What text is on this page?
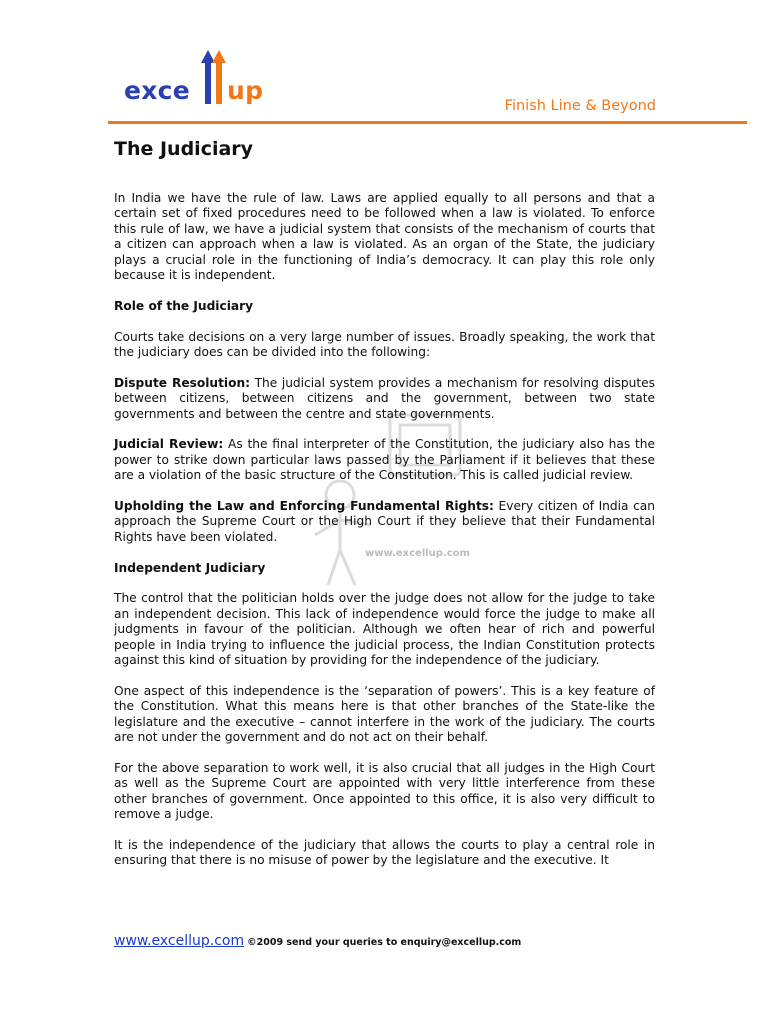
exce up
Finish Line & Beyond
www.excellup.com
The Judiciary

In India we have the rule of law. Laws are applied equally to all persons and that a certain set of fixed procedures need to be followed when a law is violated. To enforce this rule of law, we have a judicial system that consists of the mechanism of courts that a citizen can approach when a law is violated. As an organ of the State, the judiciary plays a crucial role in the functioning of India’s democracy. It can play this role only because it is independent.

Role of the Judiciary

Courts take decisions on a very large number of issues. Broadly speaking, the work that the judiciary does can be divided into the following:

Dispute Resolution: The judicial system provides a mechanism for resolving disputes between citizens, between citizens and the government, between two state governments and between the centre and state governments.

Judicial Review: As the final interpreter of the Constitution, the judiciary also has the power to strike down particular laws passed by the Parliament if it believes that these are a violation of the basic structure of the Constitution. This is called judicial review.

Upholding the Law and Enforcing Fundamental Rights: Every citizen of India can approach the Supreme Court or the High Court if they believe that their Fundamental Rights have been violated.

Independent Judiciary

The control that the politician holds over the judge does not allow for the judge to take an independent decision. This lack of independence would force the judge to make all judgments in favour of the politician. Although we often hear of rich and powerful people in India trying to influence the judicial process, the Indian Constitution protects against this kind of situation by providing for the independence of the judiciary.

One aspect of this independence is the ‘separation of powers’. This is a key feature of the Constitution. What this means here is that other branches of the State-like the legislature and the executive – cannot interfere in the work of the judiciary. The courts are not under the government and do not act on their behalf.

For the above separation to work well, it is also crucial that all judges in the High Court as well as the Supreme Court are appointed with very little interference from these other branches of government. Once appointed to this office, it is also very difficult to remove a judge.

It is the independence of the judiciary that allows the courts to play a central role in ensuring that there is no misuse of power by the legislature and the executive. It

www.excellup.com ©2009 send your queries to enquiry@excellup.com
